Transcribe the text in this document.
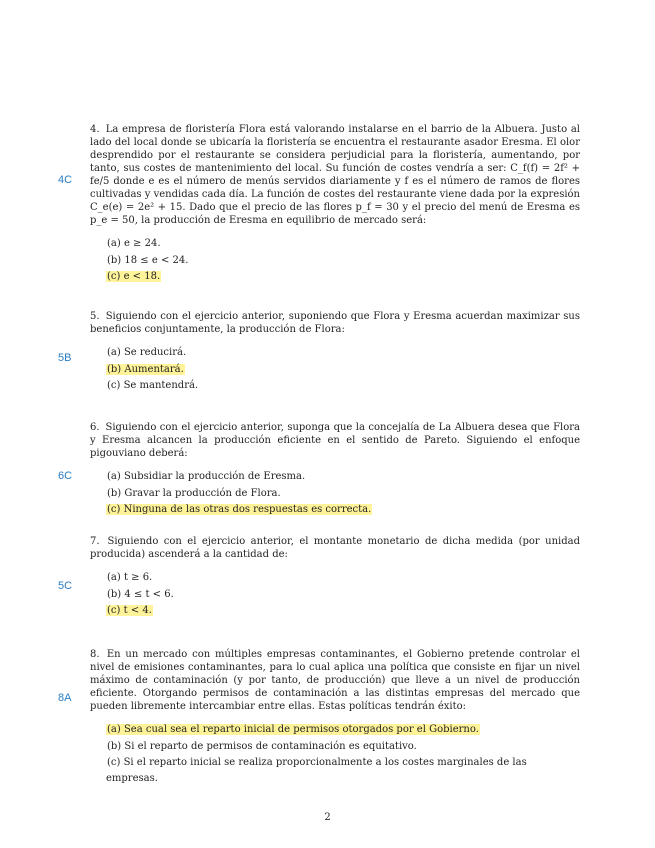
4C
4. La empresa de floristería Flora está valorando instalarse en el barrio de la Albuera. Justo al lado del local donde se ubicaría la floristería se encuentra el restaurante asador Eresma. El olor desprendido por el restaurante se considera perjudicial para la floristería, aumentando, por tanto, sus costes de mantenimiento del local. Su función de costes vendría a ser: C_f(f) = 2f² + fe/5 donde e es el número de menús servidos diariamente y f es el número de ramos de flores cultivadas y vendidas cada día. La función de costes del restaurante viene dada por la expresión C_e(e) = 2e² + 15. Dado que el precio de las flores p_f = 30 y el precio del menú de Eresma es p_e = 50, la producción de Eresma en equilibrio de mercado será:
(a) e ≥ 24.
(b) 18 ≤ e < 24.
(c) e < 18.
5B
5. Siguiendo con el ejercicio anterior, suponiendo que Flora y Eresma acuerdan maximizar sus beneficios conjuntamente, la producción de Flora:
(a) Se reducirá.
(b) Aumentará.
(c) Se mantendrá.
6C
6. Siguiendo con el ejercicio anterior, suponga que la concejalía de La Albuera desea que Flora y Eresma alcancen la producción eficiente en el sentido de Pareto. Siguiendo el enfoque pigouviano deberá:
(a) Subsidiar la producción de Eresma.
(b) Gravar la producción de Flora.
(c) Ninguna de las otras dos respuestas es correcta.
5C
7. Siguiendo con el ejercicio anterior, el montante monetario de dicha medida (por unidad producida) ascenderá a la cantidad de:
(a) t ≥ 6.
(b) 4 ≤ t < 6.
(c) t < 4.
8A
8. En un mercado con múltiples empresas contaminantes, el Gobierno pretende controlar el nivel de emisiones contaminantes, para lo cual aplica una política que consiste en fijar un nivel máximo de contaminación (y por tanto, de producción) que lleve a un nivel de producción eficiente. Otorgando permisos de contaminación a las distintas empresas del mercado que pueden libremente intercambiar entre ellas. Estas políticas tendrán éxito:
(a) Sea cual sea el reparto inicial de permisos otorgados por el Gobierno.
(b) Si el reparto de permisos de contaminación es equitativo.
(c) Si el reparto inicial se realiza proporcionalmente a los costes marginales de las empresas.
2
